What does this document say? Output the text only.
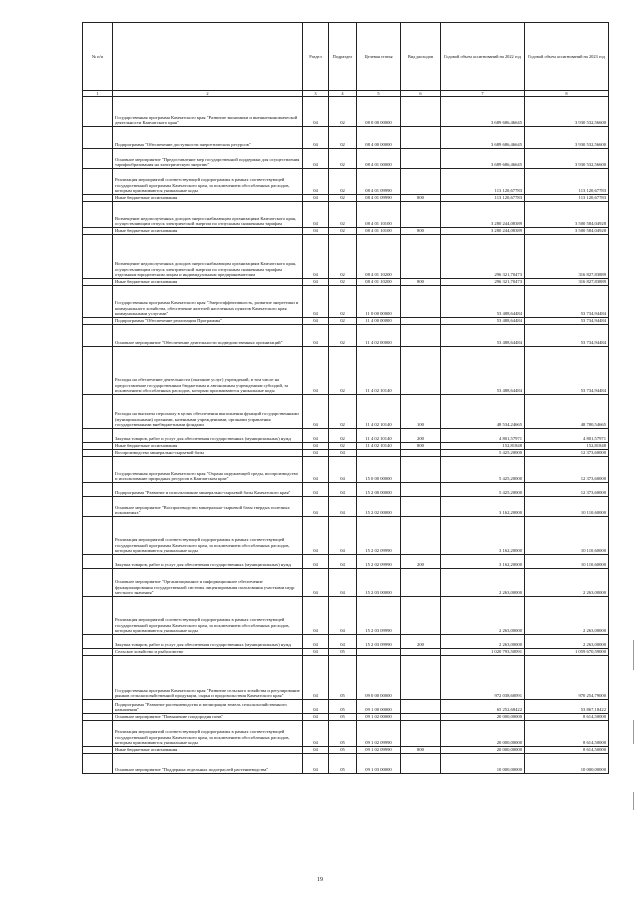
№ п/п		Раздел	Подраздел	Целевая статья	Вид расходов	Годовой объем ассигнований на 2022 год	Годовой объем ассигнований на 2023 год
1	2	3	4	5	6	7	8
	Государственная программа Камчатского края "Развитие экономики и внешнеэкономической деятельности Камчатского края"	04	02	08 0 00 00000		3 689 686,46645	3 930 532,56600
	Подпрограмма "Обеспечение доступности энергетических ресурсов"	04	02	08 4 00 00000		3 689 686,46645	3 930 532,56600
	Основное мероприятие "Предоставление мер государственной поддержки для осуществления тарифообразования на электрическую энергию"	04	02	08 4 01 00000		3 689 686,46645	3 930 532,56600
	Реализация мероприятий соответствующей подпрограммы в рамках соответствующей государственной программы Камчатского края, за исключением обособленных расходов, которым присваиваются уникальные коды	04	02	08 4 01 09990		113 120,67783	113 120,67783
	Иные бюджетные ассигнования	04	02	08 4 01 09990	800	113 120,67783	113 120,67783
	Возмещение недополученных доходов энергоснабжающим организациям Камчатского края, осуществляющим отпуск электрической энергии по отпускным сниженным тарифам	04	02	08 4 01 10100		3 280 244,08389	3 500 584,04928
	Иные бюджетные ассигнования	04	02	08 4 01 10100	800	3 280 244,08389	3 500 584,04928
	Возмещение недополученных доходов энергоснабжающим организациям Камчатского края, осуществляющим отпуск электрической энергии по отпускным сниженным тарифам отдельным юридическим лицам и индивидуальным предпринимателям	04	02	08 4 01 10200		296 321,70473	316 827,83889
	Иные бюджетные ассигнования	04	02	08 4 01 10200	800	296 321,70473	316 827,83889
	Государственная программа Камчатского края "Энергоэффективность, развитие энергетики и коммунального хозяйства, обеспечение жителей населенных пунктов Камчатского края коммунальными услугами"	04	02	11 0 00 00000		53 488,64484	53 734,94484
	Подпрограмма "Обеспечение реализации Программы"	04	02	11 4 00 00000		53 488,64484	53 734,94484
	Основное мероприятие "Обеспечение деятельности подведомственных организаций"	04	02	11 4 02 00000		53 488,64484	53 734,94484
	Расходы на обеспечение деятельности (оказание услуг) учреждений, в том числе на предоставление государственным бюджетным и автономным учреждениям субсидий, за исключением обособленных расходов, которым присваиваются уникальные коды	04	02	11 4 02 10140		53 488,64484	53 734,94484
	Расходы на выплаты персоналу в целях обеспечения выполнения функций государственными (муниципальными) органами, казенными учреждениями, органами управления государственными внебюджетными фондами	04	02	11 4 02 10140	100	48 534,24665	48 780,54665
	Закупка товаров, работ и услуг для обеспечения государственных (муниципальных) нужд	04	02	11 4 02 10140	200	4 801,57971	4 801,57971
	Иные бюджетные ассигнования	04	02	11 4 02 10140	800	152,81848	152,81848
	Воспроизводство минерально-сырьевой базы	04	04			5 425,20000	12 373,60000
	Государственная программа Камчатского края "Охрана окружающей среды, воспроизводство и использование природных ресурсов в Камчатском крае"	04	04	15 0 00 00000		5 425,20000	12 373,60000
	Подпрограмма "Развитие и использование минерально-сырьевой базы Камчатского края"	04	04	15 2 00 00000		5 425,20000	12 373,60000
	Основное мероприятие "Воспроизводство минерально-сырьевой базы твердых полезных ископаемых"	04	04	15 2 02 00000		3 162,20000	10 110,60000
	Реализация мероприятий соответствующей подпрограммы в рамках соответствующей государственной программы Камчатского края, за исключением обособленных расходов, которым присваиваются уникальные коды	04	04	15 2 02 09990		3 162,20000	10 110,60000
	Закупка товаров, работ и услуг для обеспечения государственных (муниципальных) нужд	04	04	15 2 02 09990	200	3 162,20000	10 110,60000
	Основное мероприятие "Организационное и информационное обеспечение функционирования государственной системы лицензирования пользования участками недр местного значения"	04	04	15 2 03 00000		2 263,00000	2 263,00000
	Реализация мероприятий соответствующей подпрограммы в рамках соответствующей государственной программы Камчатского края, за исключением обособленных расходов, которым присваиваются уникальные коды	04	04	15 2 03 09990		2 263,00000	2 263,00000
	Закупка товаров, работ и услуг для обеспечения государственных (муниципальных) нужд	04	04	15 2 03 09990	200	2 263,00000	2 263,00000
	Сельское хозяйство и рыболовство	04	05			1 020 793,50091	1 059 670,59000
	Государственная программа Камчатского края "Развитие сельского хозяйства и регулирование рынков сельскохозяйственной продукции, сырья и продовольствия Камчатского края"	04	05	09 0 00 00000		972 038,60091	970 254,79000
	Подпрограмма "Развитие растениеводства и мелиорации земель сельскохозяйственного назначения"	04	05	09 1 00 00000		65 252,68422	53 867,18422
	Основное мероприятие "Повышение плодородия почв"	04	05	09 1 02 00000		20 000,00000	8 614,50000
	Реализация мероприятий соответствующей подпрограммы в рамках соответствующей государственной программы Камчатского края, за исключением обособленных расходов, которым присваиваются уникальные коды	04	05	09 1 02 09990		20 000,00000	8 614,50000
	Иные бюджетные ассигнования	04	05	09 1 02 09990	800	20 000,00000	8 614,50000
	Основное мероприятие "Поддержка отдельных подотраслей растениеводства"	04	05	09 1 03 00000		10 000,00000	10 000,00000
19
